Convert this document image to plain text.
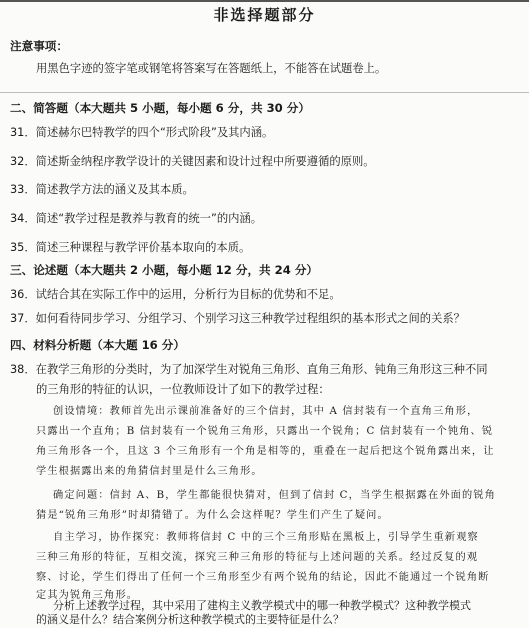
非选择题部分
注意事项：
用黑色字迹的签字笔或钢笔将答案写在答题纸上，不能答在试题卷上。
二、简答题（本大题共 5 小题，每小题 6 分，共 30 分）
31．简述赫尔巴特教学的四个“形式阶段”及其内涵。
32．简述斯金纳程序教学设计的关键因素和设计过程中所要遵循的原则。
33．简述教学方法的涵义及其本质。
34．简述“教学过程是教养与教育的统一”的内涵。
35．简述三种课程与教学评价基本取向的本质。
三、论述题（本大题共 2 小题，每小题 12 分，共 24 分）
36．试结合其在实际工作中的运用，分析行为目标的优势和不足。
37．如何看待同步学习、分组学习、个别学习这三种教学过程组织的基本形式之间的关系？
四、材料分析题（本大题 16 分）
38．在教学三角形的分类时，为了加深学生对锐角三角形、直角三角形、钝角三角形这三种不同
的三角形的特征的认识，一位教师设计了如下的教学过程：
创设情境：教师首先出示课前准备好的三个信封，其中 A 信封装有一个直角三角形，
只露出一个直角；B 信封装有一个锐角三角形，只露出一个锐角；C 信封装有一个钝角、锐
角三角形各一个，且这 3 个三角形有一个角是相等的，重叠在一起后把这个锐角露出来，让
学生根据露出来的角猜信封里是什么三角形。
确定问题：信封 A、B，学生都能很快猜对，但到了信封 C，当学生根据露在外面的锐角
猜是“锐角三角形”时却猜错了。为什么会这样呢？学生们产生了疑问。
自主学习，协作探究：教师将信封 C 中的三个三角形贴在黑板上，引导学生重新观察
三种三角形的特征，互相交流，探究三种三角形的特征与上述问题的关系。经过反复的观
察、讨论，学生们得出了任何一个三角形至少有两个锐角的结论，因此不能通过一个锐角断
定其为锐角三角形。
分析上述教学过程，其中采用了建构主义教学模式中的哪一种教学模式？这种教学模式
的涵义是什么？结合案例分析这种教学模式的主要特征是什么？
